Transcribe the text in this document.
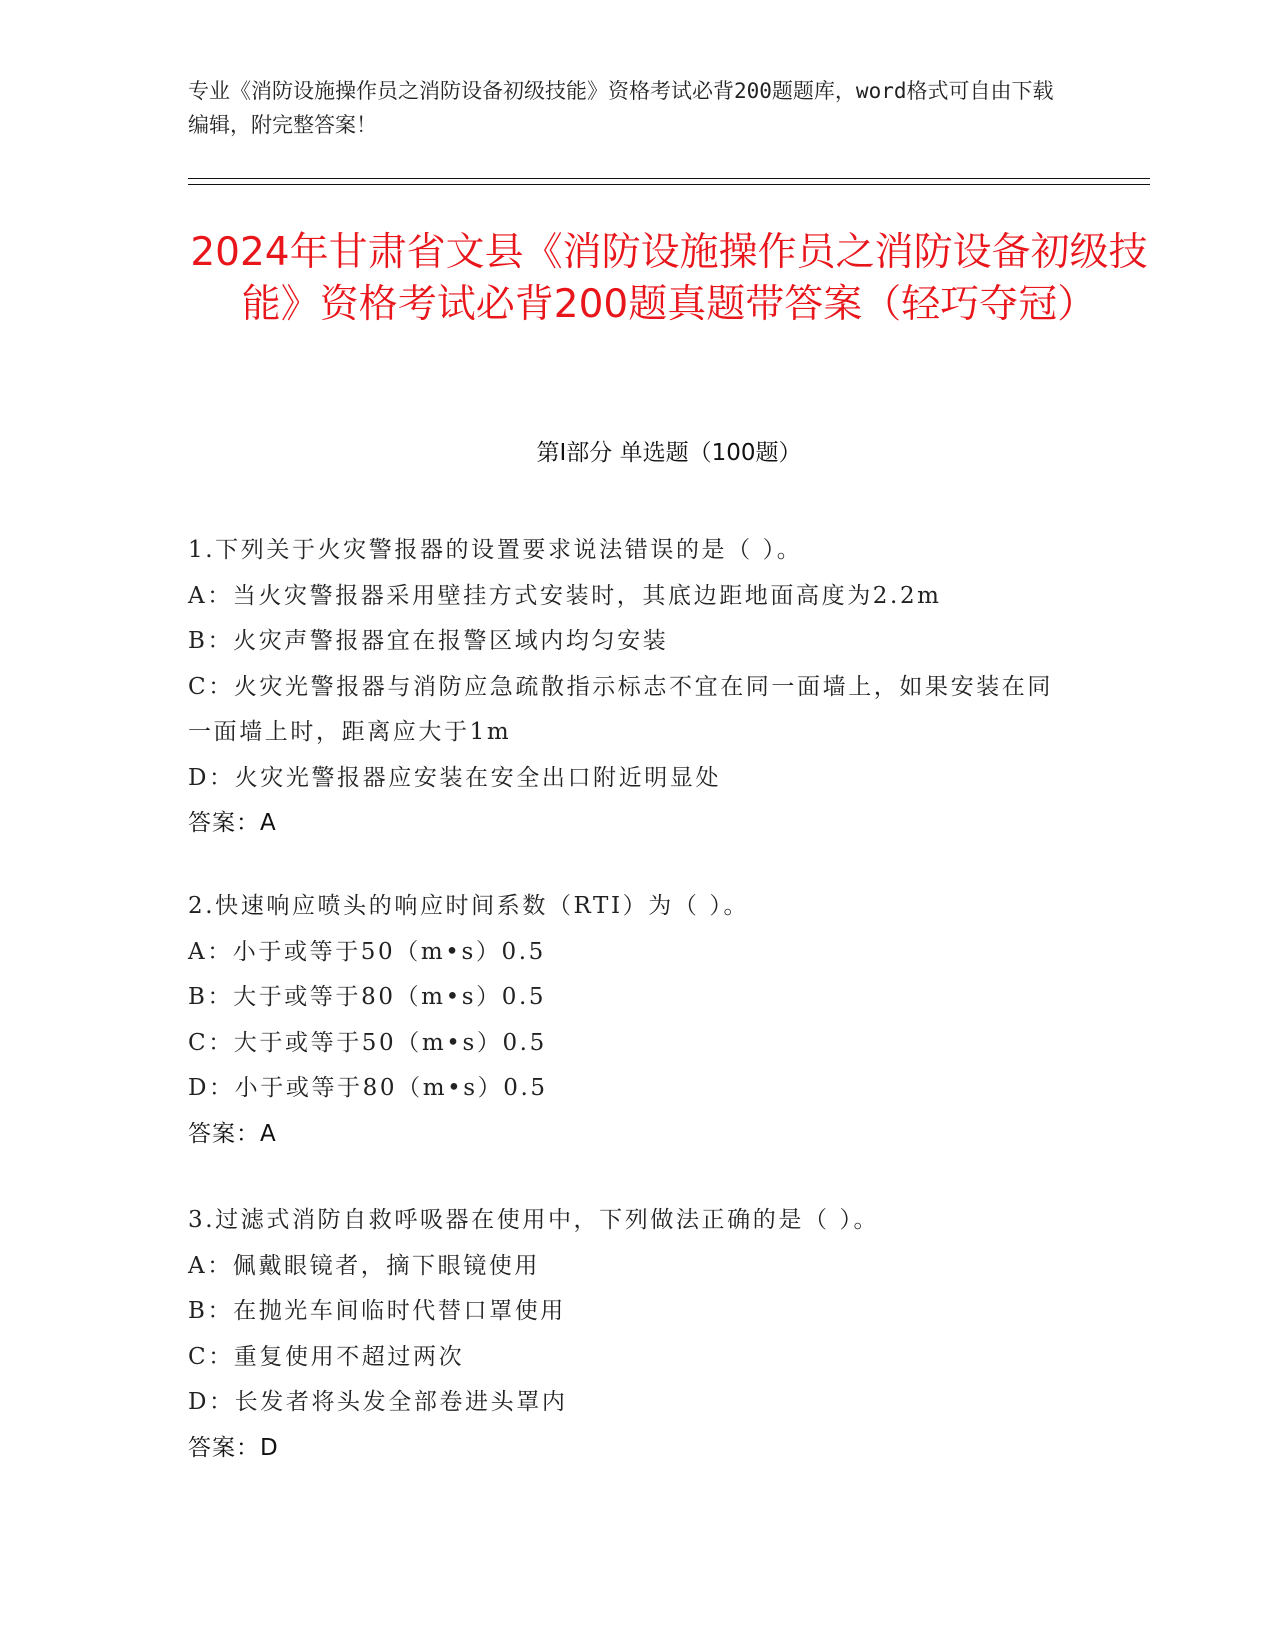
专业《消防设施操作员之消防设备初级技能》资格考试必背200题题库，word格式可自由下载编辑，附完整答案！
2024年甘肃省文县《消防设施操作员之消防设备初级技能》资格考试必背200题真题带答案（轻巧夺冠）
第Ⅰ部分 单选题（100题）
1.下列关于火灾警报器的设置要求说法错误的是（ ）。
A：当火灾警报器采用壁挂方式安装时，其底边距地面高度为2.2m
B：火灾声警报器宜在报警区域内均匀安装
C：火灾光警报器与消防应急疏散指示标志不宜在同一面墙上，如果安装在同一面墙上时，距离应大于1m
D：火灾光警报器应安装在安全出口附近明显处
答案：A
2.快速响应喷头的响应时间系数（RTI）为（ ）。
A：小于或等于50（m•s）0.5
B：大于或等于80（m•s）0.5
C：大于或等于50（m•s）0.5
D：小于或等于80（m•s）0.5
答案：A
3.过滤式消防自救呼吸器在使用中，下列做法正确的是（ ）。
A：佩戴眼镜者，摘下眼镜使用
B：在抛光车间临时代替口罩使用
C：重复使用不超过两次
D：长发者将头发全部卷进头罩内
答案：D
